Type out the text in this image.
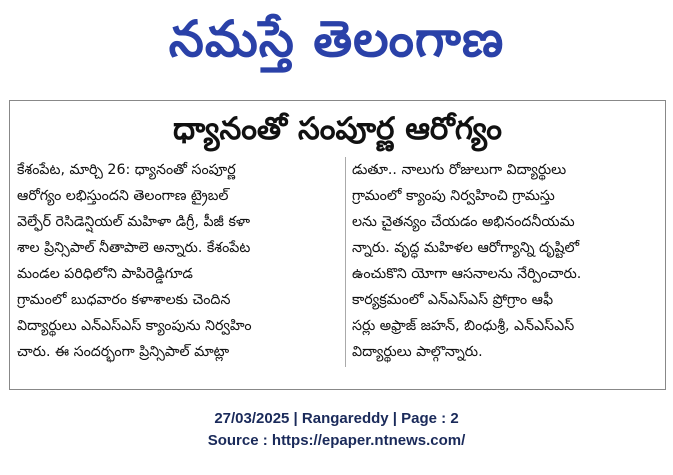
నమస్తే తెలంగాణ
ధ్యానంతో సంపూర్ణ ఆరోగ్యం

కేశంపేట, మార్చి 26: ధ్యానంతో సంపూర్ణ

ఆరోగ్యం లభిస్తుందని తెలంగాణ ట్రైబల్

వెల్ఫేర్ రెసిడెన్షియల్ మహిళా డిగ్రీ, పీజీ కళా

శాల ప్రిన్సిపాల్ నీతాపాలె అన్నారు. కేశంపేట

మండల పరిధిలోని పాపిరెడ్డిగూడ

గ్రామంలో బుధవారం కళాశాలకు చెందిన

విద్యార్థులు ఎన్ఎస్ఎస్ క్యాంపును నిర్వహిం

చారు. ఈ సందర్భంగా ప్రిన్సిపాల్ మాట్లా

డుతూ.. నాలుగు రోజులుగా విద్యార్థులు

గ్రామంలో క్యాంపు నిర్వహించి గ్రామస్తు

లను చైతన్యం చేయడం అభినందనీయమ

న్నారు. వృద్ధ మహిళల ఆరోగ్యాన్ని దృష్టిలో

ఉంచుకొని యోగా ఆసనాలను నేర్పించారు.

కార్యక్రమంలో ఎన్ఎస్ఎస్ ప్రోగ్రాం ఆఫీ

సర్లు అఫ్రాజ్ జహన్, బింధుశ్రీ, ఎన్ఎస్ఎస్

విద్యార్థులు పాల్గొన్నారు.

27/03/2025 | Rangareddy | Page : 2
Source : https://epaper.ntnews.com/
